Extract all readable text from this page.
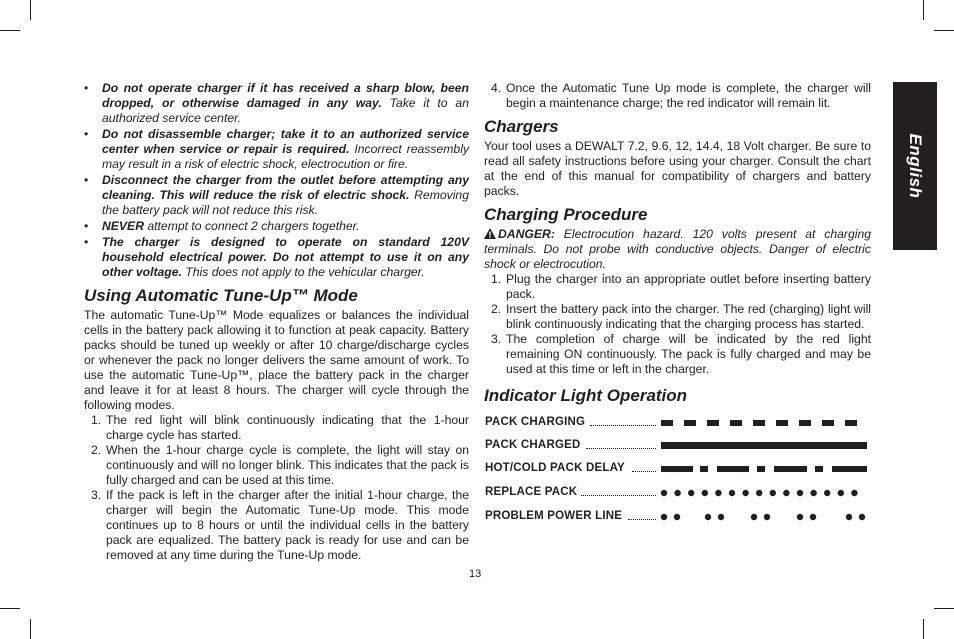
• Do not operate charger if it has received a sharp blow, been dropped, or otherwise damaged in any way. Take it to an authorized service center.
• Do not disassemble charger; take it to an authorized service center when service or repair is required. Incorrect reassembly may result in a risk of electric shock, electrocution or fire.
• Disconnect the charger from the outlet before attempting any cleaning. This will reduce the risk of electric shock. Removing the battery pack will not reduce this risk.
• NEVER attempt to connect 2 chargers together.
• The charger is designed to operate on standard 120V household electrical power. Do not attempt to use it on any other voltage. This does not apply to the vehicular charger.
Using Automatic Tune-Up™ Mode

The automatic Tune-Up™ Mode equalizes or balances the individual cells in the battery pack allowing it to function at peak capacity. Battery packs should be tuned up weekly or after 10 charge/discharge cycles or whenever the pack no longer delivers the same amount of work. To use the automatic Tune-Up™, place the battery pack in the charger and leave it for at least 8 hours. The charger will cycle through the following modes.

1. The red light will blink continuously indicating that the 1-hour charge cycle has started.
2. When the 1-hour charge cycle is complete, the light will stay on continuously and will no longer blink. This indicates that the pack is fully charged and can be used at this time.
3. If the pack is left in the charger after the initial 1-hour charge, the charger will begin the Automatic Tune-Up mode. This mode continues up to 8 hours or until the individual cells in the battery pack are equalized. The battery pack is ready for use and can be removed at any time during the Tune-Up mode.
4. Once the Automatic Tune Up mode is complete, the charger will begin a maintenance charge; the red indicator will remain lit.
Chargers

Your tool uses a DEWALT 7.2, 9.6, 12, 14.4, 18 Volt charger. Be sure to read all safety instructions before using your charger. Consult the chart at the end of this manual for compatibility of chargers and battery packs.

Charging Procedure

DANGER: Electrocution hazard. 120 volts present at charging terminals. Do not probe with conductive objects. Danger of electric shock or electrocution.

1. Plug the charger into an appropriate outlet before inserting battery pack.
2. Insert the battery pack into the charger. The red (charging) light will blink continuously indicating that the charging process has started.
3. The completion of charge will be indicated by the red light remaining ON continuously. The pack is fully charged and may be used at this time or left in the charger.
Indicator Light Operation
PACK CHARGING
PACK CHARGED
HOT/COLD PACK DELAY
REPLACE PACK
PROBLEM POWER LINE
English
13
